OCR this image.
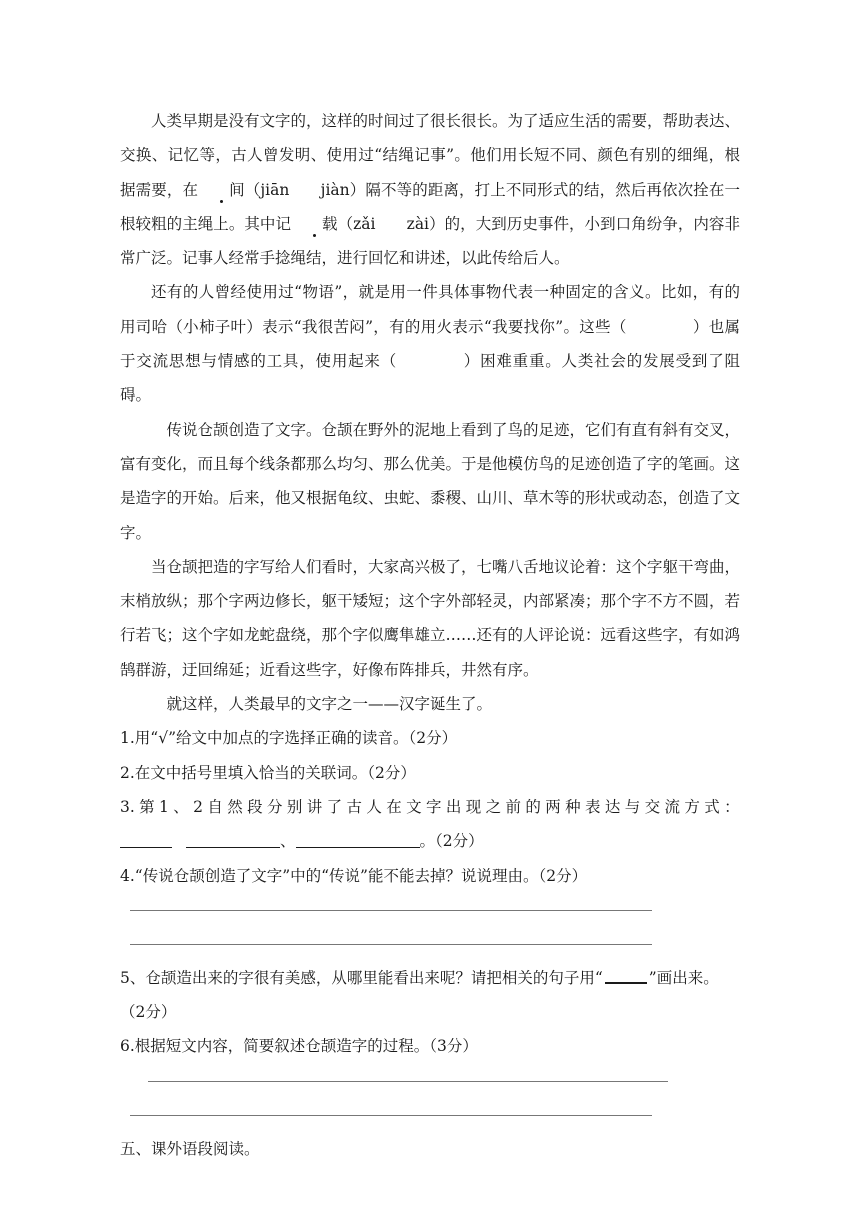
人类早期是没有文字的，这样的时间过了很长很长。为了适应生活的需要，帮助表达、交换、记忆等，古人曾发明、使用过“结绳记事”。他们用长短不同、颜色有别的细绳，根据需要，在 间（jiān　　jiàn）隔不等的距离，打上不同形式的结，然后再依次拴在一根较粗的主绳上。其中记 载（zǎi　　zài）的，大到历史事件，小到口角纷争，内容非常广泛。记事人经常手捻绳结，进行回忆和讲述，以此传给后人。

还有的人曾经使用过“物语”，就是用一件具体事物代表一种固定的含义。比如，有的用司哈（小柿子叶）表示“我很苦闷”，有的用火表示“我要找你”。这些（	）也属于交流思想与情感的工具，使用起来（	）困难重重。人类社会的发展受到了阻碍。

传说仓颉创造了文字。仓颉在野外的泥地上看到了鸟的足迹，它们有直有斜有交叉，富有变化，而且每个线条都那么均匀、那么优美。于是他模仿鸟的足迹创造了字的笔画。这是造字的开始。后来，他又根据龟纹、虫蛇、黍稷、山川、草木等的形状或动态，创造了文字。

当仓颉把造的字写给人们看时，大家高兴极了，七嘴八舌地议论着：这个字躯干弯曲，末梢放纵；那个字两边修长，躯干矮短；这个字外部轻灵，内部紧凑；那个字不方不圆，若行若飞；这个字如龙蛇盘绕，那个字似鹰隼雄立……还有的人评论说：远看这些字，有如鸿鹄群游，迂回绵延；近看这些字，好像布阵排兵，井然有序。

就这样，人类最早的文字之一——汉字诞生了。

1.用“√”给文中加点的字选择正确的读音。（2分）

2.在文中括号里填入恰当的关联词。（2分）

3. 第 1 、 2 自 然 段 分 别 讲 了 古 人 在 文 字 出 现 之 前 的 两 种 表 达 与 交 流 方 式 ：

、	。（2分）

4.“传说仓颉创造了文字”中的“传说”能不能去掉？说说理由。（2分）

5、仓颉造出来的字很有美感，从哪里能看出来呢？请把相关的句子用“	”画出来。

（2分）

6.根据短文内容，简要叙述仓颉造字的过程。（3分）

五、课外语段阅读。
